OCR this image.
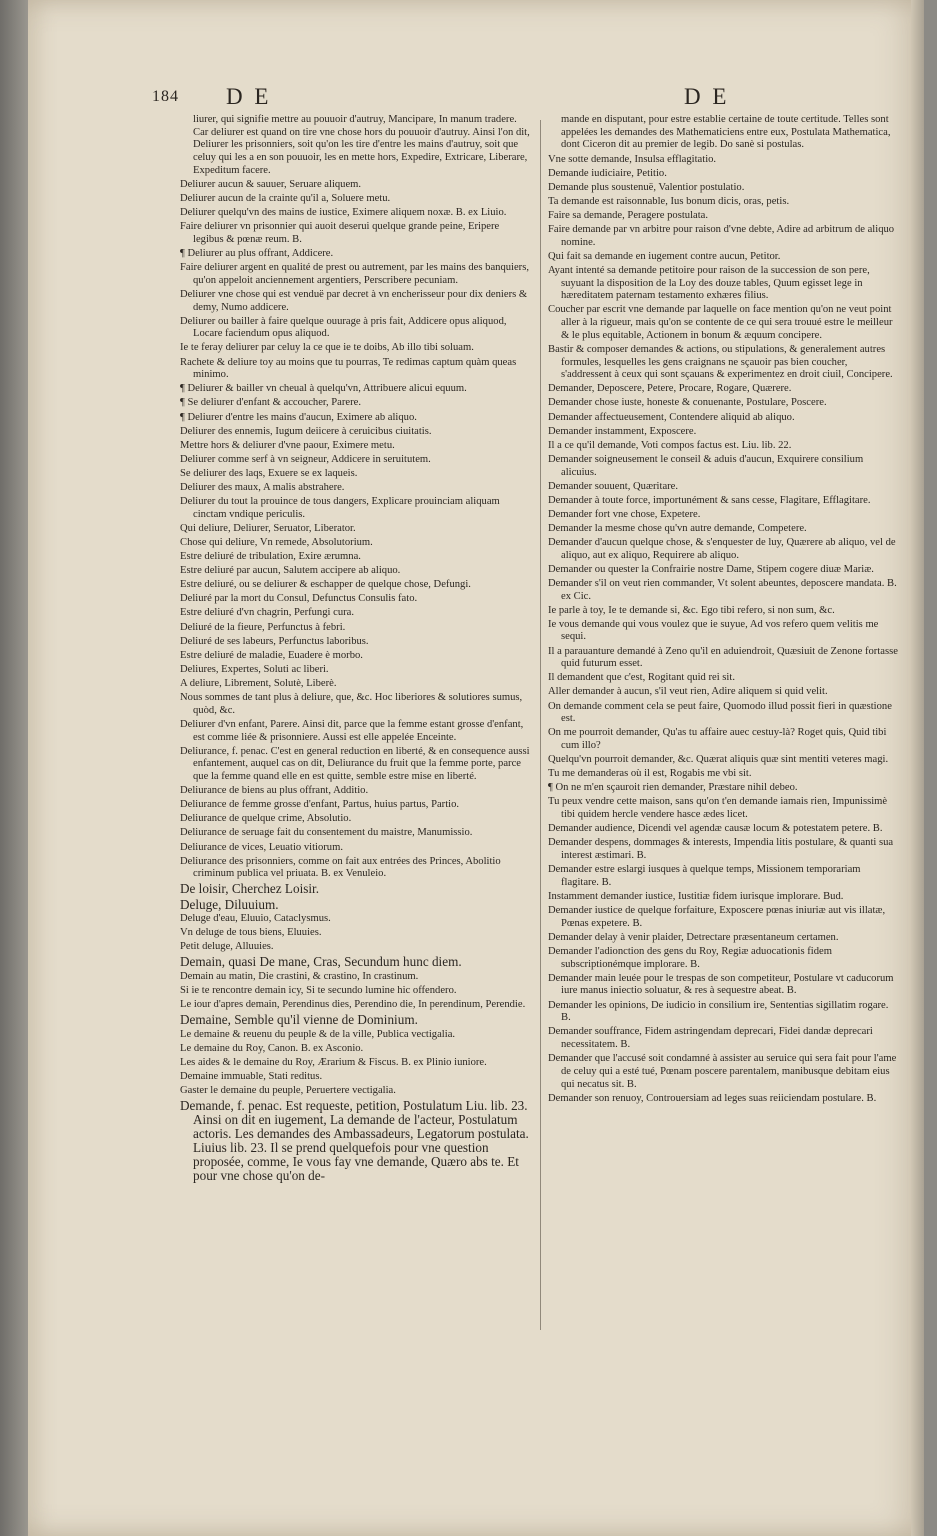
184 D E	D E
liurer, qui signifie mettre au pouuoir d'autruy, Mancipare, In manum tradere. Car deliurer est quand on tire vne chose hors du pouuoir d'autruy. Ainsi l'on dit, Deliurer les prisonniers, soit qu'on les tire d'entre les mains d'autruy, soit que celuy qui les a en son pouuoir, les en mette hors, Expedire, Extricare, Liberare, Expeditum facere.
Deliurer aucun & sauuer, Seruare aliquem.
Deliurer aucun de la crainte qu'il a, Soluere metu.
Deliurer quelqu'vn des mains de iustice, Eximere aliquem noxæ. B. ex Liuio.
Faire deliurer vn prisonnier qui auoit deserui quelque grande peine, Eripere legibus & pœnæ reum. B.
¶ Deliurer au plus offrant, Addicere.
Faire deliurer argent en qualité de prest ou autrement, par les mains des banquiers, qu'on appeloit anciennement argentiers, Perscribere pecuniam.
Deliurer vne chose qui est venduë par decret à vn encherisseur pour dix deniers & demy, Numo addicere.
Deliurer ou bailler à faire quelque ouurage à pris fait, Addicere opus aliquod, Locare faciendum opus aliquod.
Ie te feray deliurer par celuy la ce que ie te doibs, Ab illo tibi soluam.
Rachete & deliure toy au moins que tu pourras, Te redimas captum quàm queas minimo.
¶ Deliurer & bailler vn cheual à quelqu'vn, Attribuere alicui equum.
¶ Se deliurer d'enfant & accoucher, Parere.
¶ Deliurer d'entre les mains d'aucun, Eximere ab aliquo.
Deliurer des ennemis, Iugum deiicere à ceruicibus ciuitatis.
Mettre hors & deliurer d'vne paour, Eximere metu.
Deliurer comme serf à vn seigneur, Addicere in seruitutem.
Se deliurer des laqs, Exuere se ex laqueis.
Deliurer des maux, A malis abstrahere.
Deliurer du tout la prouince de tous dangers, Explicare prouinciam aliquam cinctam vndique periculis.
Qui deliure, Deliurer, Seruator, Liberator.
Chose qui deliure, Vn remede, Absolutorium.
Estre deliuré de tribulation, Exire ærumna.
Estre deliuré par aucun, Salutem accipere ab aliquo.
Estre deliuré, ou se deliurer & eschapper de quelque chose, Defungi.
Deliuré par la mort du Consul, Defunctus Consulis fato.
Estre deliuré d'vn chagrin, Perfungi cura.
Deliuré de la fieure, Perfunctus à febri.
Deliuré de ses labeurs, Perfunctus laboribus.
Estre deliuré de maladie, Euadere è morbo.
Deliures, Expertes, Soluti ac liberi.
A deliure, Librement, Solutè, Liberè.
Nous sommes de tant plus à deliure, que, &c. Hoc liberiores & solutiores sumus, quòd, &c.
Deliurer d'vn enfant, Parere. Ainsi dit, parce que la femme estant grosse d'enfant, est comme liée & prisonniere. Aussi est elle appelée Enceinte.
Deliurance, f. penac. C'est en general reduction en liberté, & en consequence aussi enfantement, auquel cas on dit, Deliurance du fruit que la femme porte, parce que la femme quand elle en est quitte, semble estre mise en liberté.
Deliurance de biens au plus offrant, Additio.
Deliurance de femme grosse d'enfant, Partus, huius partus, Partio.
Deliurance de quelque crime, Absolutio.
Deliurance de seruage fait du consentement du maistre, Manumissio.
Deliurance de vices, Leuatio vitiorum.
Deliurance des prisonniers, comme on fait aux entrées des Princes, Abolitio criminum publica vel priuata. B. ex Venuleio.
De loisir, Cherchez Loisir.
Deluge, Diluuium.
Deluge d'eau, Eluuio, Cataclysmus.
Vn deluge de tous biens, Eluuies.
Petit deluge, Alluuies.
Demain, quasi De mane, Cras, Secundum hunc diem.
Demain au matin, Die crastini, & crastino, In crastinum.
Si ie te rencontre demain icy, Si te secundo lumine hic offendero.
Le iour d'apres demain, Perendinus dies, Perendino die, In perendinum, Perendie.
Demaine, Semble qu'il vienne de Dominium.
Le demaine & reuenu du peuple & de la ville, Publica vectigalia.
Le demaine du Roy, Canon. B. ex Asconio.
Les aides & le demaine du Roy, Ærarium & Fiscus. B. ex Plinio iuniore.
Demaine immuable, Stati reditus.
Gaster le demaine du peuple, Peruertere vectigalia.
Demande, f. penac. Est requeste, petition, Postulatum Liu. lib. 23. Ainsi on dit en iugement, La demande de l'acteur, Postulatum actoris. Les demandes des Ambassadeurs, Legatorum postulata. Liuius lib. 23. Il se prend quelquefois pour vne question proposée, comme, Ie vous fay vne demande, Quæro abs te. Et pour vne chose qu'on de-
mande en disputant, pour estre establie certaine de toute certitude. Telles sont appelées les demandes des Mathematiciens entre eux, Postulata Mathematica, dont Ciceron dit au premier de legib. Do sanè si postulas.
Vne sotte demande, Insulsa efflagitatio.
Demande iudiciaire, Petitio.
Demande plus soustenuë, Valentior postulatio.
Ta demande est raisonnable, Ius bonum dicis, oras, petis.
Faire sa demande, Peragere postulata.
Faire demande par vn arbitre pour raison d'vne debte, Adire ad arbitrum de aliquo nomine.
Qui fait sa demande en iugement contre aucun, Petitor.
Ayant intenté sa demande petitoire pour raison de la succession de son pere, suyuant la disposition de la Loy des douze tables, Quum egisset lege in hæreditatem paternam testamento exhæres filius.
Coucher par escrit vne demande par laquelle on face mention qu'on ne veut point aller à la rigueur, mais qu'on se contente de ce qui sera trouué estre le meilleur & le plus equitable, Actionem in bonum & æquum concipere.
Bastir & composer demandes & actions, ou stipulations, & generalement autres formules, lesquelles les gens craignans ne sçauoir pas bien coucher, s'addressent à ceux qui sont sçauans & experimentez en droit ciuil, Concipere.
Demander, Deposcere, Petere, Procare, Rogare, Quærere.
Demander chose iuste, honeste & conuenante, Postulare, Poscere.
Demander affectueusement, Contendere aliquid ab aliquo.
Demander instamment, Exposcere.
Il a ce qu'il demande, Voti compos factus est. Liu. lib. 22.
Demander soigneusement le conseil & aduis d'aucun, Exquirere consilium alicuius.
Demander souuent, Quæritare.
Demander à toute force, importunément & sans cesse, Flagitare, Efflagitare.
Demander fort vne chose, Expetere.
Demander la mesme chose qu'vn autre demande, Competere.
Demander d'aucun quelque chose, & s'enquester de luy, Quærere ab aliquo, vel de aliquo, aut ex aliquo, Requirere ab aliquo.
Demander ou quester la Confrairie nostre Dame, Stipem cogere diuæ Mariæ.
Demander s'il on veut rien commander, Vt solent abeuntes, deposcere mandata. B. ex Cic.
Ie parle à toy, Ie te demande si, &c. Ego tibi refero, si non sum, &c.
Ie vous demande qui vous voulez que ie suyue, Ad vos refero quem velitis me sequi.
Il a parauanture demandé à Zeno qu'il en aduiendroit, Quæsiuit de Zenone fortasse quid futurum esset.
Il demandent que c'est, Rogitant quid rei sit.
Aller demander à aucun, s'il veut rien, Adire aliquem si quid velit.
On demande comment cela se peut faire, Quomodo illud possit fieri in quæstione est.
On me pourroit demander, Qu'as tu affaire auec cestuy-là? Roget quis, Quid tibi cum illo?
Quelqu'vn pourroit demander, &c. Quærat aliquis quæ sint mentiti veteres magi.
Tu me demanderas où il est, Rogabis me vbi sit.
¶ On ne m'en sçauroit rien demander, Præstare nihil debeo.
Tu peux vendre cette maison, sans qu'on t'en demande iamais rien, Impunissimè tibi quidem hercle vendere hasce ædes licet.
Demander audience, Dicendi vel agendæ causæ locum & potestatem petere. B.
Demander despens, dommages & interests, Impendia litis postulare, & quanti sua interest æstimari. B.
Demander estre eslargi iusques à quelque temps, Missionem temporariam flagitare. B.
Instamment demander iustice, Iustitiæ fidem iurisque implorare. Bud.
Demander iustice de quelque forfaiture, Exposcere pœnas iniuriæ aut vis illatæ, Pœnas expetere. B.
Demander delay à venir plaider, Detrectare præsentaneum certamen.
Demander l'adionction des gens du Roy, Regiæ aduocationis fidem subscriptionémque implorare. B.
Demander main leuée pour le trespas de son competiteur, Postulare vt caducorum iure manus iniectio soluatur, & res à sequestre abeat. B.
Demander les opinions, De iudicio in consilium ire, Sententias sigillatim rogare. B.
Demander souffrance, Fidem astringendam deprecari, Fidei dandæ deprecari necessitatem. B.
Demander que l'accusé soit condamné à assister au seruice qui sera fait pour l'ame de celuy qui a esté tué, Pœnam poscere parentalem, manibusque debitam eius qui necatus sit. B.
Demander son renuoy, Controuersiam ad leges suas reiiciendam postulare. B.
